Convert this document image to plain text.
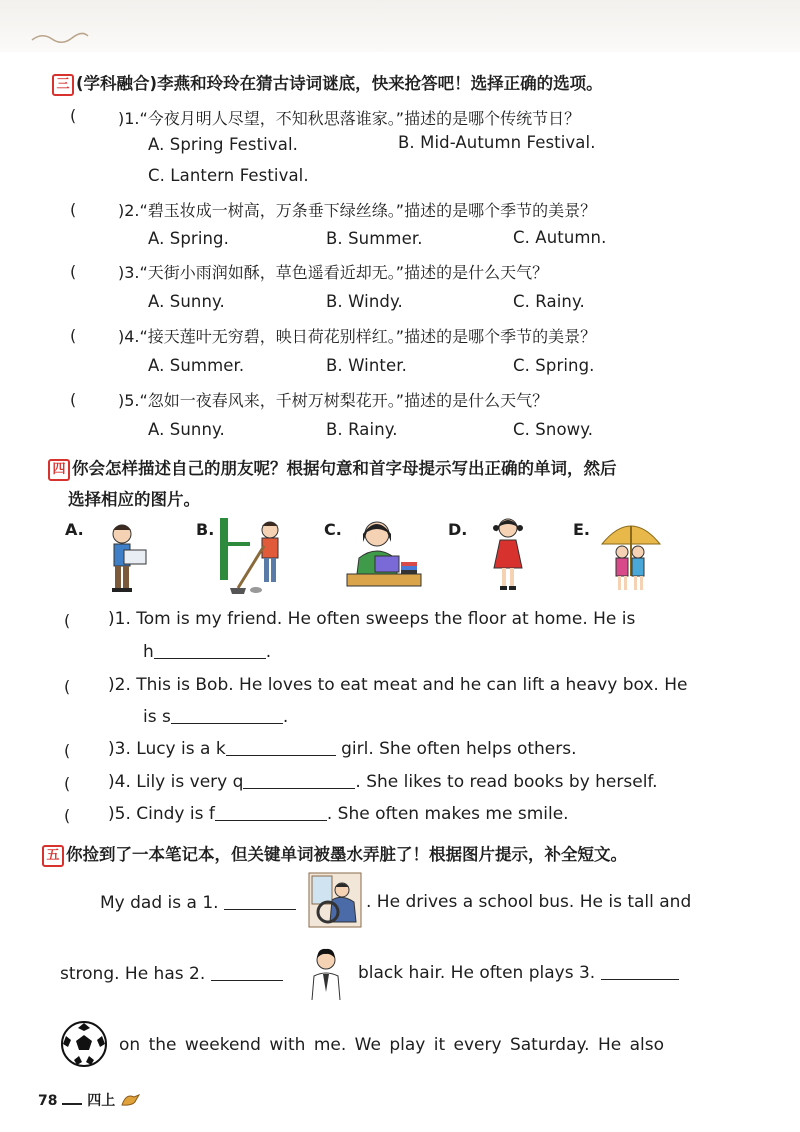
三 (学科融合)李燕和玲玲在猜古诗词谜底，快来抢答吧！选择正确的选项。
(	)1.“今夜月明人尽望，不知秋思落谁家。”描述的是哪个传统节日？
A. Spring Festival.	B. Mid-Autumn Festival.
C. Lantern Festival.
(	)2.“碧玉妆成一树高，万条垂下绿丝绦。”描述的是哪个季节的美景？
A. Spring.	B. Summer.	C. Autumn.
(	)3.“天街小雨润如酥，草色遥看近却无。”描述的是什么天气？
A. Sunny.	B. Windy.	C. Rainy.
(	)4.“接天莲叶无穷碧，映日荷花别样红。”描述的是哪个季节的美景？
A. Summer.	B. Winter.	C. Spring.
(	)5.“忽如一夜春风来，千树万树梨花开。”描述的是什么天气？
A. Sunny.	B. Rainy.	C. Snowy.
四 你会怎样描述自己的朋友呢？根据句意和首字母提示写出正确的单词，然后
选择相应的图片。
A.	B.	C.	D.	E.
( )1. Tom is my friend. He often sweeps the floor at home. He is
h	.
( )2. This is Bob. He loves to eat meat and he can lift a heavy box. He
is s	.
( )3. Lucy is a k	girl. She often helps others.
( )4. Lily is very q	. She likes to read books by herself.
( )5. Cindy is f	. She often makes me smile.
五 你捡到了一本笔记本，但关键单词被墨水弄脏了！根据图片提示，补全短文。
My dad is a 1.	. He drives a school bus. He is tall and
strong. He has 2.	black hair. He often plays 3.
on the weekend with me. We play it every Saturday. He also
78 四上
